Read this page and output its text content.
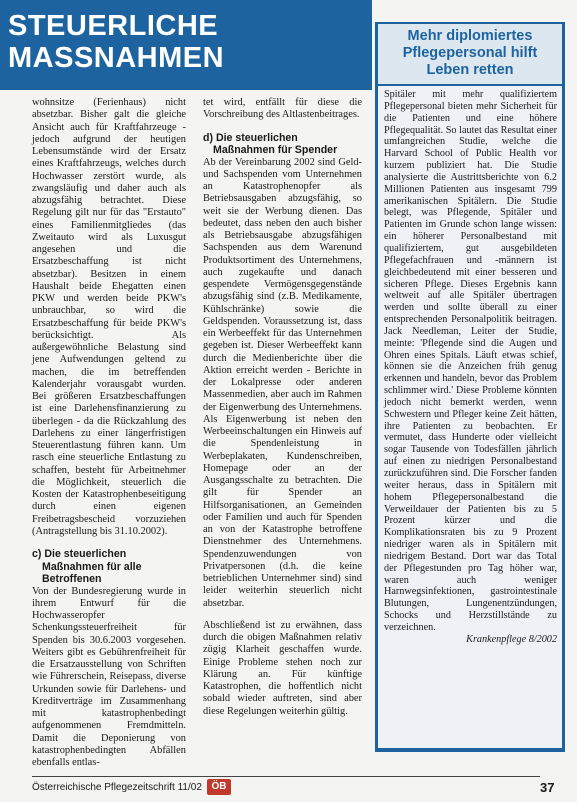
STEUERLICHE
MASSNAHMEN

wohnsitze (Ferienhaus) nicht absetzbar. Bisher galt die gleiche Ansicht auch für Kraftfahrzeuge - jedoch aufgrund der heutigen Lebensumstände wird der Ersatz eines Kraftfahrzeugs, welches durch Hochwasser zerstört wurde, als zwangsläufig und daher auch als abzugsfähig betrachtet. Diese Regelung gilt nur für das "Erstauto" eines Familienmitgliedes (das Zweitauto wird als Luxusgut angesehen und die Ersatzbeschaffung ist nicht absetzbar). Besitzen in einem Haushalt beide Ehegatten einen PKW und werden beide PKW's unbrauchbar, so wird die Ersatzbeschaffung für beide PKW's berücksichtigt. Als außergewöhnliche Belastung sind jene Aufwendungen geltend zu machen, die im betreffenden Kalenderjahr vorausgabt wurden. Bei größeren Ersatzbeschaffungen ist eine Darlehensfinanzierung zu überlegen - da die Rückzahlung des Darlehens zu einer längerfristigen Steuerentlastung führen kann. Um rasch eine steuerliche Entlastung zu schaffen, besteht für Arbeitnehmer die Möglichkeit, steuerlich die Kosten der Katastrophenbeseitigung durch einen eigenen Freibetragsbescheid vorzuziehen (Antragstellung bis 31.10.2002).

c) Die steuerlichen Maßnahmen für alle Betroffenen

Von der Bundesregierung wurde in ihrem Entwurf für die Hochwasseropfer Schenkungssteuerfreiheit für Spenden bis 30.6.2003 vorgesehen. Weiters gibt es Gebührenfreiheit für die Ersatzausstellung von Schriften wie Führerschein, Reisepass, diverse Urkunden sowie für Darlehens- und Kreditverträge im Zusammenhang mit katastrophenbedingt aufgenommenen Fremdmitteln. Damit die Deponierung von katastrophenbedingten Abfällen ebenfalls entlas-

tet wird, entfällt für diese die Vorschreibung des Altlastenbeitrages.

d) Die steuerlichen Maßnahmen für Spender

Ab der Vereinbarung 2002 sind Geld- und Sachspenden vom Unternehmen an Katastrophenopfer als Betriebsausgaben abzugsfähig, so weit sie der Werbung dienen. Das bedeutet, dass neben den auch bisher als Betriebsausgabe abzugsfähigen Sachspenden aus dem Warenund Produktsortiment des Unternehmens, auch zugekaufte und danach gespendete Vermögensgegenstände abzugsfähig sind (z.B. Medikamente, Kühlschränke) sowie die Geldspenden. Voraussetzung ist, dass ein Werbeeffekt für das Unternehmen gegeben ist. Dieser Werbeeffekt kann durch die Medienberichte über die Aktion erreicht werden - Berichte in der Lokalpresse oder anderen Massenmedien, aber auch im Rahmen der Eigenwerbung des Unternehmens. Als Eigenwerbung ist neben den Werbeeinschaltungen ein Hinweis auf die Spendenleistung in Werbeplakaten, Kundenschreiben, Homepage oder an der Ausgangsschalte zu betrachten. Die gilt für Spender an Hilfsorganisationen, an Gemeinden oder Familien und auch für Spenden an von der Katastrophe betroffene Dienstnehmer des Unternehmens. Spendenzuwendungen von Privatpersonen (d.h. die keine betrieblichen Unternehmer sind) sind leider weiterhin steuerlich nicht absetzbar.

Abschließend ist zu erwähnen, dass durch die obigen Maßnahmen relativ zügig Klarheit geschaffen wurde. Einige Probleme stehen noch zur Klärung an. Für künftige Katastrophen, die hoffentlich nicht sobald wieder auftreten, sind aber diese Regelungen weiterhin gültig.

Mehr diplomiertes
Pflegepersonal hilft
Leben retten

Spitäler mit mehr qualifiziertem Pflegepersonal bieten mehr Sicherheit für die Patienten und eine höhere Pflegequalität. So lautet das Resultat einer umfangreichen Studie, welche die Harvard School of Public Health vor kurzem publiziert hat. Die Studie analysierte die Austrittsberichte von 6.2 Millionen Patienten aus insgesamt 799 amerikanischen Spitälern. Die Studie belegt, was Pflegende, Spitäler und Patienten im Grunde schon lange wissen: ein höherer Personalbestand mit qualifiziertem, gut ausgebildeten Pflegefachfrauen und -männern ist gleichbedeutend mit einer besseren und sicheren Pflege. Dieses Ergebnis kann weltweit auf alle Spitäler übertragen werden und sollte überall zu einer entsprechenden Personalpolitik beitragen. Jack Needleman, Leiter der Studie, meinte: 'Pflegende sind die Augen und Ohren eines Spitals. Läuft etwas schief, können sie die Anzeichen früh genug erkennen und handeln, bevor das Problem schlimmer wird.' Diese Probleme könnten jedoch nicht bemerkt werden, wenn Schwestern und Pfleger keine Zeit hätten, ihre Patienten zu beobachten. Er vermutet, dass Hunderte oder vielleicht sogar Tausende von Todesfällen jährlich auf einen zu niedrigen Personalbestand zurückzuführen sind. Die Forscher fanden weiter heraus, dass in Spitälern mit hohem Pflegepersonalbestand die Verweildauer der Patienten bis zu 5 Prozent kürzer und die Komplikationsraten bis zu 9 Prozent niedriger waren als in Spitälern mit niedrigem Bestand. Dort war das Total der Pflegestunden pro Tag höher war, waren auch weniger Harnwegsinfektionen, gastrointestinale Blutungen, Lungenentzündungen, Schocks und Herzstillstände zu verzeichnen.

Krankenpflege 8/2002

Österreichische Pflegezeitschrift 11/02 ÖB	37
